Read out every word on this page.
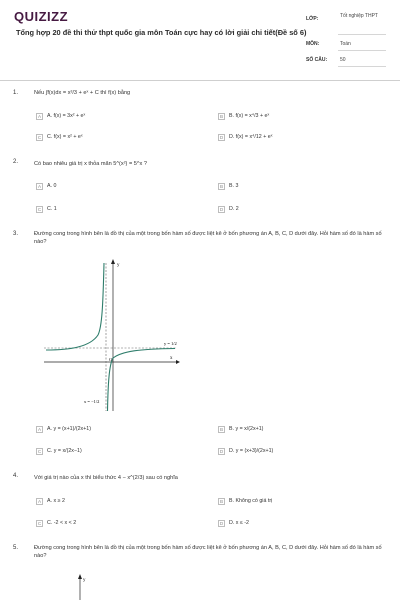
QUIZIZZ
Tổng hợp 20 đề thi thử thpt quốc gia môn Toán cực hay có lời giải chi tiết(Đề số 6)
LỚP:	Tốt nghiệp THPT
MÔN:	Toán
SỐ CÂU:	50
1.	Nếu ∫f(x)dx = x³/3 + eˣ + C thì f(x) bằng
A	A. f(x) = 3x² + eˣ	B	B. f(x) = x⁴/3 + eˣ
C	C. f(x) = x² + eˣ	D	D. f(x) = x⁴/12 + eˣ
2.	Có bao nhiêu giá trị x thỏa mãn 5^(x²) = 5^x ?
A	A. 0	B	B. 3
C	C. 1	D	D. 2
3.	Đường cong trong hình bên là đồ thị của một trong bốn hàm số được liệt kê ở bốn phương án A, B, C, D dưới đây. Hỏi hàm số đó là hàm số nào?
y
x
O
y = 1/2
x = −1/2
A	A. y = (x+1)/(2x+1)	B	B. y = x/(2x+1)
C	C. y = x/(2x−1)	D	D. y = (x+3)/(2x+1)
4.	Với giá trị nào của x thì biểu thức 4 − x^(2/3) sau có nghĩa
A	A. x ≥ 2	B	B. Không có giá trị
C	C. -2 < x < 2	D	D. x ≤ -2
5.	Đường cong trong hình bên là đồ thị của một trong bốn hàm số được liệt kê ở bốn phương án A, B, C, D dưới đây. Hỏi hàm số đó là hàm số nào?
y
